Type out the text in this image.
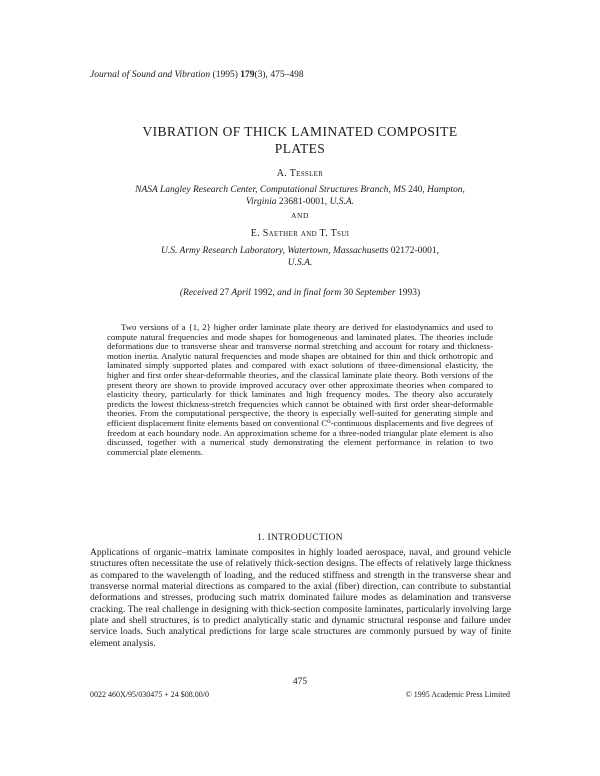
Journal of Sound and Vibration (1995) 179(3), 475–498
VIBRATION OF THICK LAMINATED COMPOSITE
PLATES
A. Tessler
NASA Langley Research Center, Computational Structures Branch, MS 240, Hampton,
Virginia 23681-0001, U.S.A.
AND
E. Saether and T. Tsui
U.S. Army Research Laboratory, Watertown, Massachusetts 02172-0001,
U.S.A.
(Received 27 April 1992, and in final form 30 September 1993)

Two versions of a {1, 2} higher order laminate plate theory are derived for elastodynamics and used to compute natural frequencies and mode shapes for homogeneous and laminated plates. The theories include deformations due to transverse shear and transverse normal stretching and account for rotary and thickness-motion inertia. Analytic natural frequencies and mode shapes are obtained for thin and thick orthotropic and laminated simply supported plates and compared with exact solutions of three-dimensional elasticity, the higher and first order shear-deformable theories, and the classical laminate plate theory. Both versions of the present theory are shown to provide improved accuracy over other approximate theories when compared to elasticity theory, particularly for thick laminates and high frequency modes. The theory also accurately predicts the lowest thickness-stretch frequencies which cannot be obtained with first order shear-deformable theories. From the computational perspective, the theory is especially well-suited for generating simple and efficient displacement finite elements based on conventional C⁰-continuous displacements and five degrees of freedom at each boundary node. An approximation scheme for a three-noded triangular plate element is also discussed, together with a numerical study demonstrating the element performance in relation to two commercial plate elements.

1. INTRODUCTION

Applications of organic–matrix laminate composites in highly loaded aerospace, naval, and ground vehicle structures often necessitate the use of relatively thick-section designs. The effects of relatively large thickness as compared to the wavelength of loading, and the reduced stiffness and strength in the transverse shear and transverse normal material directions as compared to the axial (fiber) direction, can contribute to substantial deformations and stresses, producing such matrix dominated failure modes as delamination and transverse cracking. The real challenge in designing with thick-section composite laminates, particularly involving large plate and shell structures, is to predict analytically static and dynamic structural response and failure under service loads. Such analytical predictions for large scale structures are commonly pursued by way of finite element analysis.

475
0022 460X/95/030475 + 24 $08.00/0	© 1995 Academic Press Limited
